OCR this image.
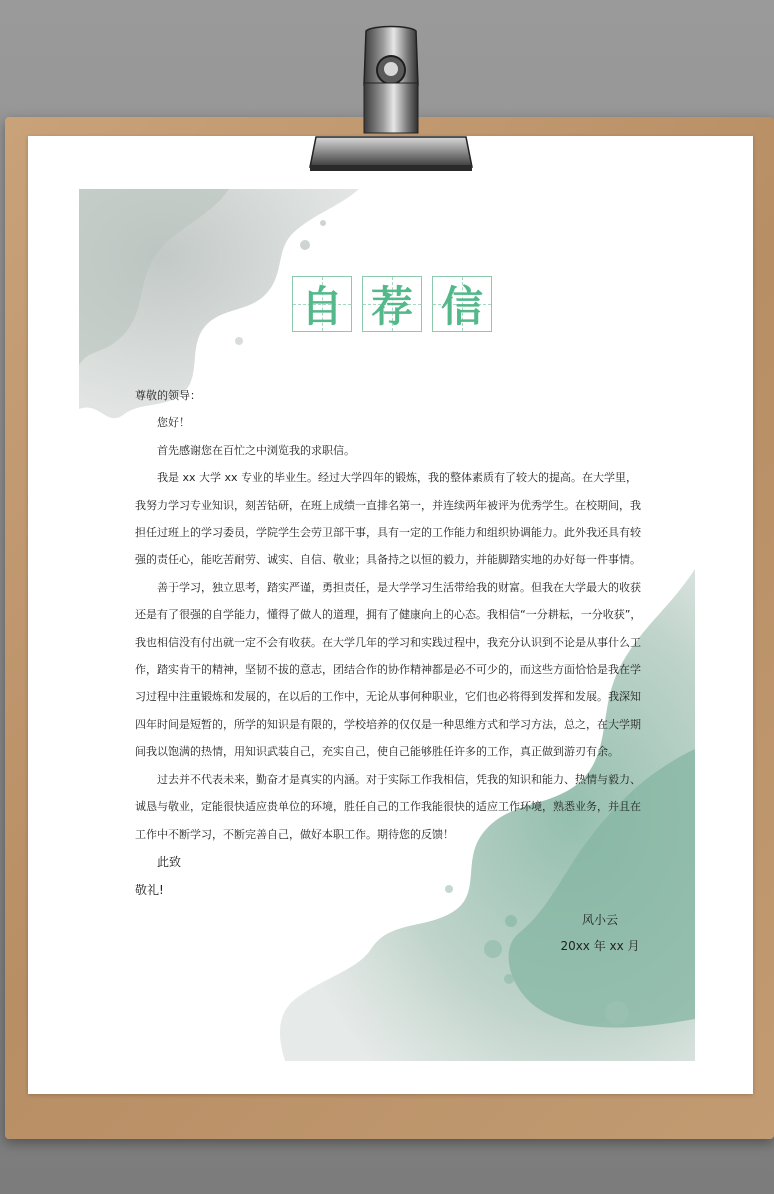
自 荐 信

尊敬的领导：

您好！

首先感谢您在百忙之中浏览我的求职信。

我是 xx 大学 xx 专业的毕业生。经过大学四年的锻炼，我的整体素质有了较大的提高。在大学里，我努力学习专业知识，刻苦钻研，在班上成绩一直排名第一，并连续两年被评为优秀学生。在校期间，我担任过班上的学习委员，学院学生会劳卫部干事，具有一定的工作能力和组织协调能力。此外我还具有较强的责任心，能吃苦耐劳、诚实、自信、敬业；具备持之以恒的毅力，并能脚踏实地的办好每一件事情。

善于学习，独立思考，踏实严谨，勇担责任，是大学学习生活带给我的财富。但我在大学最大的收获还是有了很强的自学能力，懂得了做人的道理，拥有了健康向上的心态。我相信“一分耕耘，一分收获”，我也相信没有付出就一定不会有收获。在大学几年的学习和实践过程中，我充分认识到不论是从事什么工作，踏实肯干的精神，坚韧不拔的意志，团结合作的协作精神都是必不可少的，而这些方面恰恰是我在学习过程中注重锻炼和发展的，在以后的工作中，无论从事何种职业，它们也必将得到发挥和发展。我深知四年时间是短暂的，所学的知识是有限的，学校培养的仅仅是一种思维方式和学习方法，总之，在大学期间我以饱满的热情，用知识武装自己，充实自己，使自己能够胜任许多的工作，真正做到游刃有余。

过去并不代表未来，勤奋才是真实的内涵。对于实际工作我相信，凭我的知识和能力、热情与毅力、诚恳与敬业，定能很快适应贵单位的环境，胜任自己的工作我能很快的适应工作环境，熟悉业务，并且在工作中不断学习，不断完善自己，做好本职工作。期待您的反馈！

此致

敬礼!

风小云
20xx 年 xx 月
